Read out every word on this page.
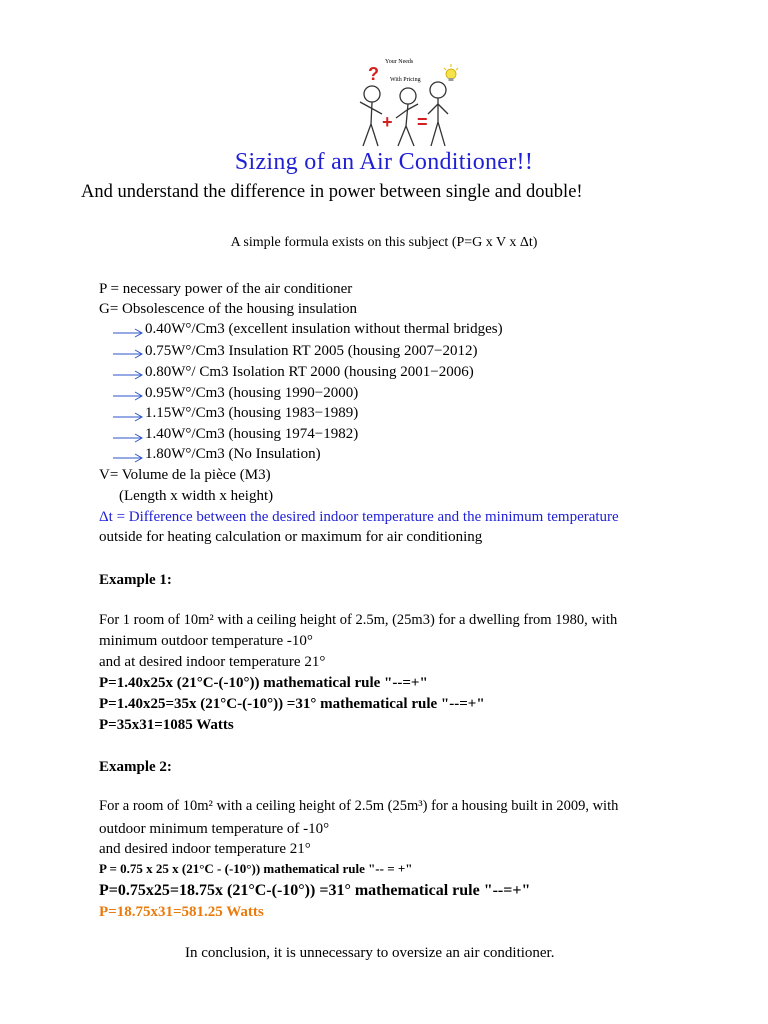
Your Needs
With Pricing
?
+ =
Sizing of an Air Conditioner!!
And understand the difference in power between single and double!
A simple formula exists on this subject (P=G x V x Δt)
P = necessary power of the air conditioner
G= Obsolescence of the housing insulation
0.40W°/Cm3 (excellent insulation without thermal bridges)
0.75W°/Cm3 Insulation RT 2005 (housing 2007−2012)
0.80W°/ Cm3 Isolation RT 2000 (housing 2001−2006)
0.95W°/Cm3 (housing 1990−2000)
1.15W°/Cm3 (housing 1983−1989)
1.40W°/Cm3 (housing 1974−1982)
1.80W°/Cm3 (No Insulation)
V= Volume de la pièce (M3)
(Length x width x height)
Δt = Difference between the desired indoor temperature and the minimum temperature
outside for heating calculation or maximum for air conditioning
Example 1:
For 1 room of 10m² with a ceiling height of 2.5m, (25m3) for a dwelling from 1980, with
minimum outdoor temperature -10°
and at desired indoor temperature 21°
P=1.40x25x (21°C-(-10°)) mathematical rule "--=+"
P=1.40x25=35x (21°C-(-10°)) =31° mathematical rule "--=+"
P=35x31=1085 Watts
Example 2:
For a room of 10m² with a ceiling height of 2.5m (25m³) for a housing built in 2009, with
outdoor minimum temperature of -10°
and desired indoor temperature 21°
P = 0.75 x 25 x (21°C - (-10°)) mathematical rule "-- = +"
P=0.75x25=18.75x (21°C-(-10°)) =31° mathematical rule "--=+"
P=18.75x31=581.25 Watts
In conclusion, it is unnecessary to oversize an air conditioner.
